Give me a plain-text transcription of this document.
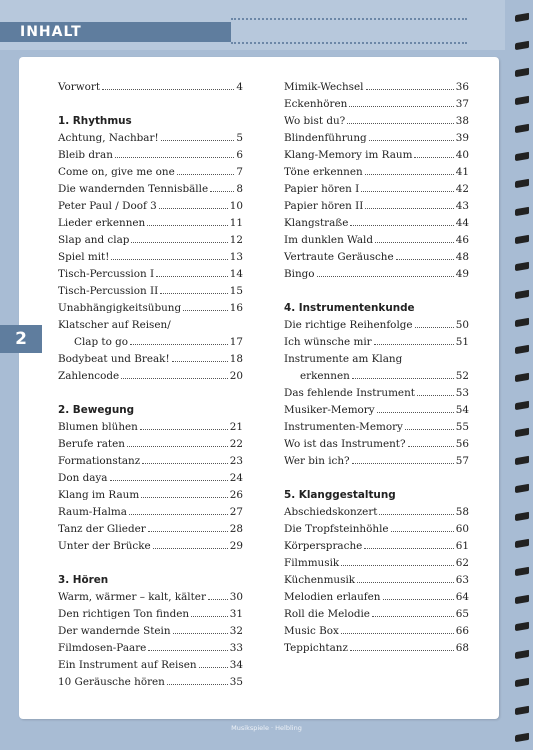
INHALT
2
Vorwort	4
1. Rhythmus
Achtung, Nachbar!	5
Bleib dran	6
Come on, give me one	7
Die wandernden Tennisbälle	8
Peter Paul / Doof 3	10
Lieder erkennen	11
Slap and clap	12
Spiel mit!	13
Tisch-Percussion I	14
Tisch-Percussion II	15
Unabhängigkeitsübung	16
Klatscher auf Reisen/
Clap to go	17
Bodybeat und Break!	18
Zahlencode	20
2. Bewegung
Blumen blühen	21
Berufe raten	22
Formationstanz	23
Don daya	24
Klang im Raum	26
Raum-Halma	27
Tanz der Glieder	28
Unter der Brücke	29
3. Hören
Warm, wärmer – kalt, kälter 30
Den richtigen Ton finden	31
Der wandernde Stein	32
Filmdosen-Paare	33
Ein Instrument auf Reisen	34
10 Geräusche hören	35
Mimik-Wechsel	36
Eckenhören	37
Wo bist du?	38
Blindenführung	39
Klang-Memory im Raum	40
Töne erkennen	41
Papier hören I	42
Papier hören II	43
Klangstraße	44
Im dunklen Wald	46
Vertraute Geräusche	48
Bingo	49
4. Instrumentenkunde
Die richtige Reihenfolge	50
Ich wünsche mir	51
Instrumente am Klang
erkennen	52
Das fehlende Instrument	53
Musiker-Memory	54
Instrumenten-Memory	55
Wo ist das Instrument?	56
Wer bin ich?	57
5. Klanggestaltung
Abschiedskonzert	58
Die Tropfsteinhöhle	60
Körpersprache	61
Filmmusik	62
Küchenmusik	63
Melodien erlaufen	64
Roll die Melodie	65
Music Box	66
Teppichtanz	68
Musikspiele · Helbling
